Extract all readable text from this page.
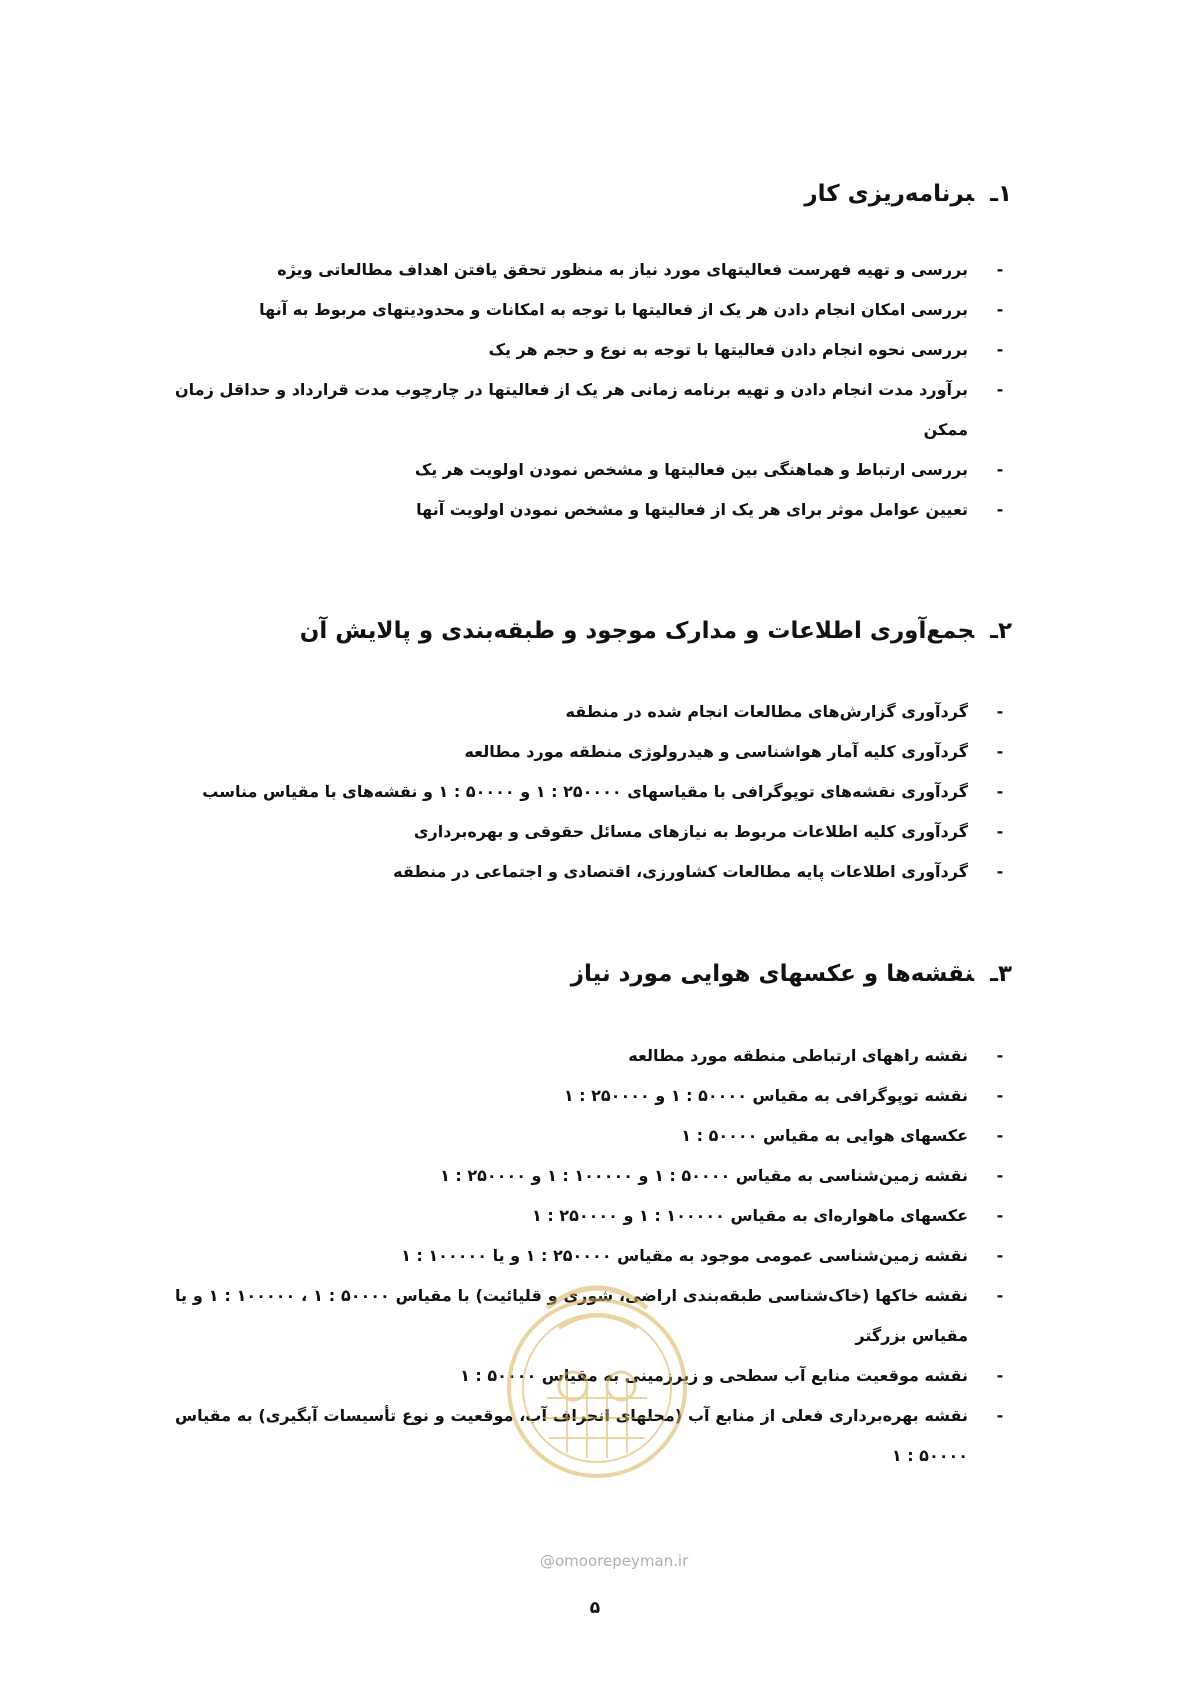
۱ـبرنامه‌ریزی کار
-
بررسی و تهیه فهرست فعالیتهای مورد نیاز به منظور تحقق یافتن اهداف مطالعاتی ویژه
-
بررسی امکان انجام دادن هر یک از فعالیتها با توجه به امکانات و محدودیتهای مربوط به آنها
-
بررسی نحوه انجام دادن فعالیتها با توجه به نوع و حجم هر یک
-
برآورد مدت انجام دادن و تهیه برنامه زمانی هر یک از فعالیتها در چارچوب مدت قرارداد و حداقل زمان ممکن
-
بررسی ارتباط و هماهنگی بین فعالیتها و مشخص نمودن اولویت هر یک
-
تعیین عوامل موثر برای هر یک از فعالیتها و مشخص نمودن اولویت آنها
۲ـجمع‌آوری اطلاعات و مدارک موجود و طبقه‌بندی و پالایش آن
-
گردآوری گزارش‌های مطالعات انجام شده در منطقه
-
گردآوری کلیه آمار هواشناسی و هیدرولوژی منطقه مورد مطالعه
-
گردآوری نقشه‌های توپوگرافی با مقیاسهای ۲۵۰۰۰۰ : ۱ و ۵۰۰۰۰ : ۱ و نقشه‌های با مقیاس مناسب
-
گردآوری کلیه اطلاعات مربوط به نیازهای مسائل حقوقی و بهره‌برداری
-
گردآوری اطلاعات پایه مطالعات کشاورزی، اقتصادی و اجتماعی در منطقه
۳ـنقشه‌ها و عکسهای هوایی مورد نیاز
-
نقشه راههای ارتباطی منطقه مورد مطالعه
-
نقشه توپوگرافی به مقیاس ۵۰۰۰۰ : ۱ و ۲۵۰۰۰۰ : ۱
-
عکسهای هوایی به مقیاس ۵۰۰۰۰ : ۱
-
نقشه زمین‌شناسی به مقیاس ۵۰۰۰۰ : ۱ و ۱۰۰۰۰۰ : ۱ و ۲۵۰۰۰۰ : ۱
-
عکسهای ماهواره‌ای به مقیاس ۱۰۰۰۰۰ : ۱ و ۲۵۰۰۰۰ : ۱
-
نقشه زمین‌شناسی عمومی موجود به مقیاس ۲۵۰۰۰۰ : ۱ و یا ۱۰۰۰۰۰ : ۱
-
نقشه خاکها (خاک‌شناسی طبقه‌بندی اراضی، شوری و قلیائیت) با مقیاس ۵۰۰۰۰ : ۱ ، ۱۰۰۰۰۰ : ۱ و یا مقیاس بزرگتر
-
نقشه موقعیت منابع آب سطحی و زیرزمینی به مقیاس ۵۰۰۰۰ : ۱
-
نقشه بهره‌برداری فعلی از منابع آب (محلهای انحراف آب، موقعیت و نوع تأسیسات آبگیری) به مقیاس ۵۰۰۰۰ : ۱
@omoorepeyman.ir
۵
